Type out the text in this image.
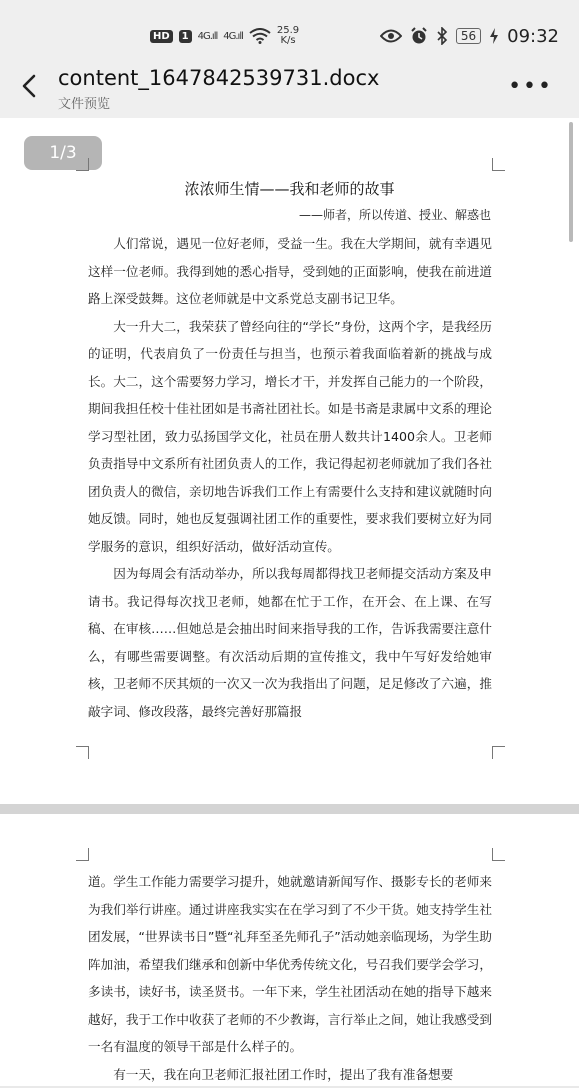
HD	1 4G.ıll 4G.ıll	25.9
K/s	56 09:32
content_1647842539731.docx
文件预览
•••
1/3
浓浓师生情——我和老师的故事
——师者，所以传道、授业、解惑也

人们常说，遇见一位好老师，受益一生。我在大学期间，就有幸遇见这样一位老师。我得到她的悉心指导，受到她的正面影响，使我在前进道路上深受鼓舞。这位老师就是中文系党总支副书记卫华。

大一升大二，我荣获了曾经向往的“学长”身份，这两个字，是我经历的证明，代表肩负了一份责任与担当，也预示着我面临着新的挑战与成长。大二，这个需要努力学习，增长才干，并发挥自己能力的一个阶段，期间我担任校十佳社团如是书斋社团社长。如是书斋是隶属中文系的理论学习型社团，致力弘扬国学文化，社员在册人数共计1400余人。卫老师负责指导中文系所有社团负责人的工作，我记得起初老师就加了我们各社团负责人的微信，亲切地告诉我们工作上有需要什么支持和建议就随时向她反馈。同时，她也反复强调社团工作的重要性，要求我们要树立好为同学服务的意识，组织好活动，做好活动宣传。

因为每周会有活动举办，所以我每周都得找卫老师提交活动方案及申请书。我记得每次找卫老师，她都在忙于工作，在开会、在上课、在写稿、在审核……但她总是会抽出时间来指导我的工作，告诉我需要注意什么，有哪些需要调整。有次活动后期的宣传推文，我中午写好发给她审核，卫老师不厌其烦的一次又一次为我指出了问题，足足修改了六遍，推敲字词、修改段落，最终完善好那篇报

道。学生工作能力需要学习提升，她就邀请新闻写作、摄影专长的老师来为我们举行讲座。通过讲座我实实在在学习到了不少干货。她支持学生社团发展，“世界读书日”暨“礼拜至圣先师孔子”活动她亲临现场，为学生助阵加油，希望我们继承和创新中华优秀传统文化，号召我们要学会学习，多读书，读好书，读圣贤书。一年下来，学生社团活动在她的指导下越来越好，我于工作中收获了老师的不少教诲，言行举止之间，她让我感受到一名有温度的领导干部是什么样子的。

有一天，我在向卫老师汇报社团工作时，提出了我有准备想要
